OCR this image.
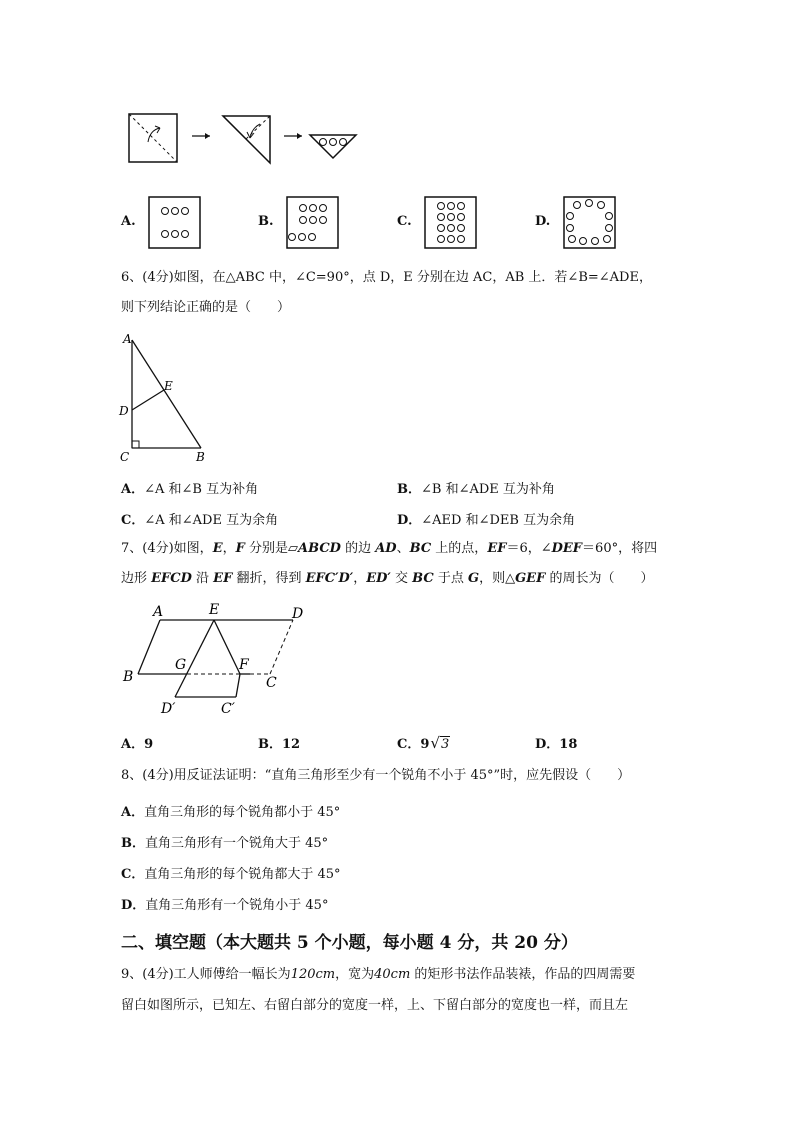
A.	B.	C.	D.
6、(4分)如图，在△ABC 中，∠C=90°，点 D，E 分别在边 AC，AB 上．若∠B=∠ADE，
则下列结论正确的是（　　）
A
E
D
C	B
A．∠A 和∠B 互为补角	B．∠B 和∠ADE 互为补角
C．∠A 和∠ADE 互为余角	D．∠AED 和∠DEB 互为余角
7、(4分)如图，E，F 分别是▱ABCD 的边 AD、BC 上的点，EF＝6，∠DEF＝60°，将四
边形 EFCD 沿 EF 翻折，得到 EFC′D′，ED′ 交 BC 于点 G，则△GEF 的周长为（　　）
A	E	D
B
G	F
C
D′	C′
A．9	B．12	C．9√3	D．18
8、(4分)用反证法证明：“直角三角形至少有一个锐角不小于 45°”时，应先假设（　　）
A．直角三角形的每个锐角都小于 45°
B．直角三角形有一个锐角大于 45°
C．直角三角形的每个锐角都大于 45°
D．直角三角形有一个锐角小于 45°
二、填空题（本大题共 5 个小题，每小题 4 分，共 20 分）
9、(4分)工人师傅给一幅长为120cm，宽为40cm 的矩形书法作品装裱，作品的四周需要
留白如图所示，已知左、右留白部分的宽度一样，上、下留白部分的宽度也一样，而且左
